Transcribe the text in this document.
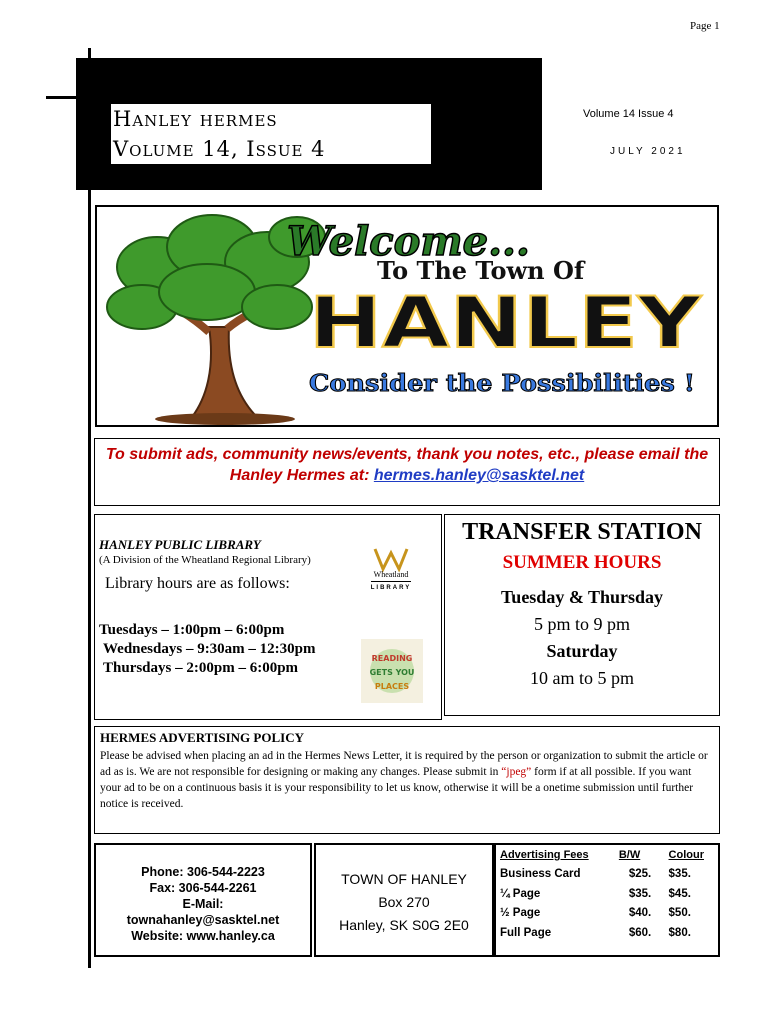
Page 1
Hanley hermes
Volume 14, Issue 4
Volume 14 Issue 4
JULY 2021
Welcome...
To The Town Of
HANLEY
Consider the Possibilities !

To submit ads, community news/events, thank you notes, etc., please email the Hanley Hermes at: hermes.hanley@sasktel.net

HANLEY PUBLIC LIBRARY
(A Division of the Wheatland Regional Library)
Library hours are as follows:
Tuesdays – 1:00pm – 6:00pm
Wednesdays – 9:30am – 12:30pm
Thursdays – 2:00pm – 6:00pm
Wheatland
LIBRARY
READING
GETS YOU
PLACES
TRANSFER STATION
SUMMER HOURS
Tuesday & Thursday
5 pm to 9 pm
Saturday
10 am to 5 pm
HERMES ADVERTISING POLICY
Please be advised when placing an ad in the Hermes News Letter, it is required by the person or organization to submit the article or ad as is. We are not responsible for designing or making any changes. Please submit in “jpeg” form if at all possible. If you want your ad to be on a continuous basis it is your responsibility to let us know, otherwise it will be a onetime submission until further notice is received.
Phone: 306-544-2223
Fax: 306-544-2261
E-Mail:
townahanley@sasktel.net
Website: www.hanley.ca
TOWN OF HANLEY
Box 270
Hanley, SK S0G 2E0
Advertising Fees	B/W	Colour
Business Card	$25.	$35.
¼ Page	$35.	$45.
½ Page	$40.	$50.
Full Page	$60.	$80.
